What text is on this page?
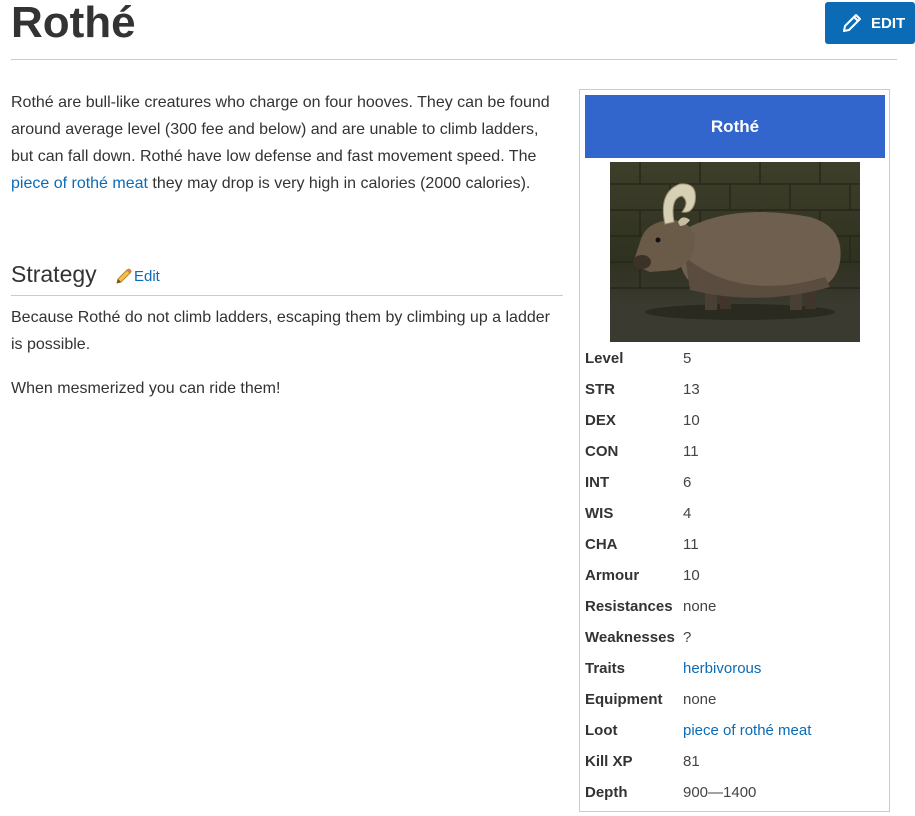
Rothé	EDIT

Rothé are bull-like creatures who charge on four hooves. They can be found around average level (300 fee and below) and are unable to climb ladders, but can fall down. Rothé have low defense and fast movement speed. The piece of rothé meat they may drop is very high in calories (2000 calories).

Strategy Edit

Because Rothé do not climb ladders, escaping them by climbing up a ladder is possible.

When mesmerized you can ride them!

Rothé
Level	5
STR	13
DEX	10
CON	11
INT	6
WIS	4
CHA	11
Armour	10
Resistances	none
Weaknesses	?
Traits	herbivorous
Equipment	none
Loot	piece of rothé meat
Kill XP	81
Depth	900—1400
